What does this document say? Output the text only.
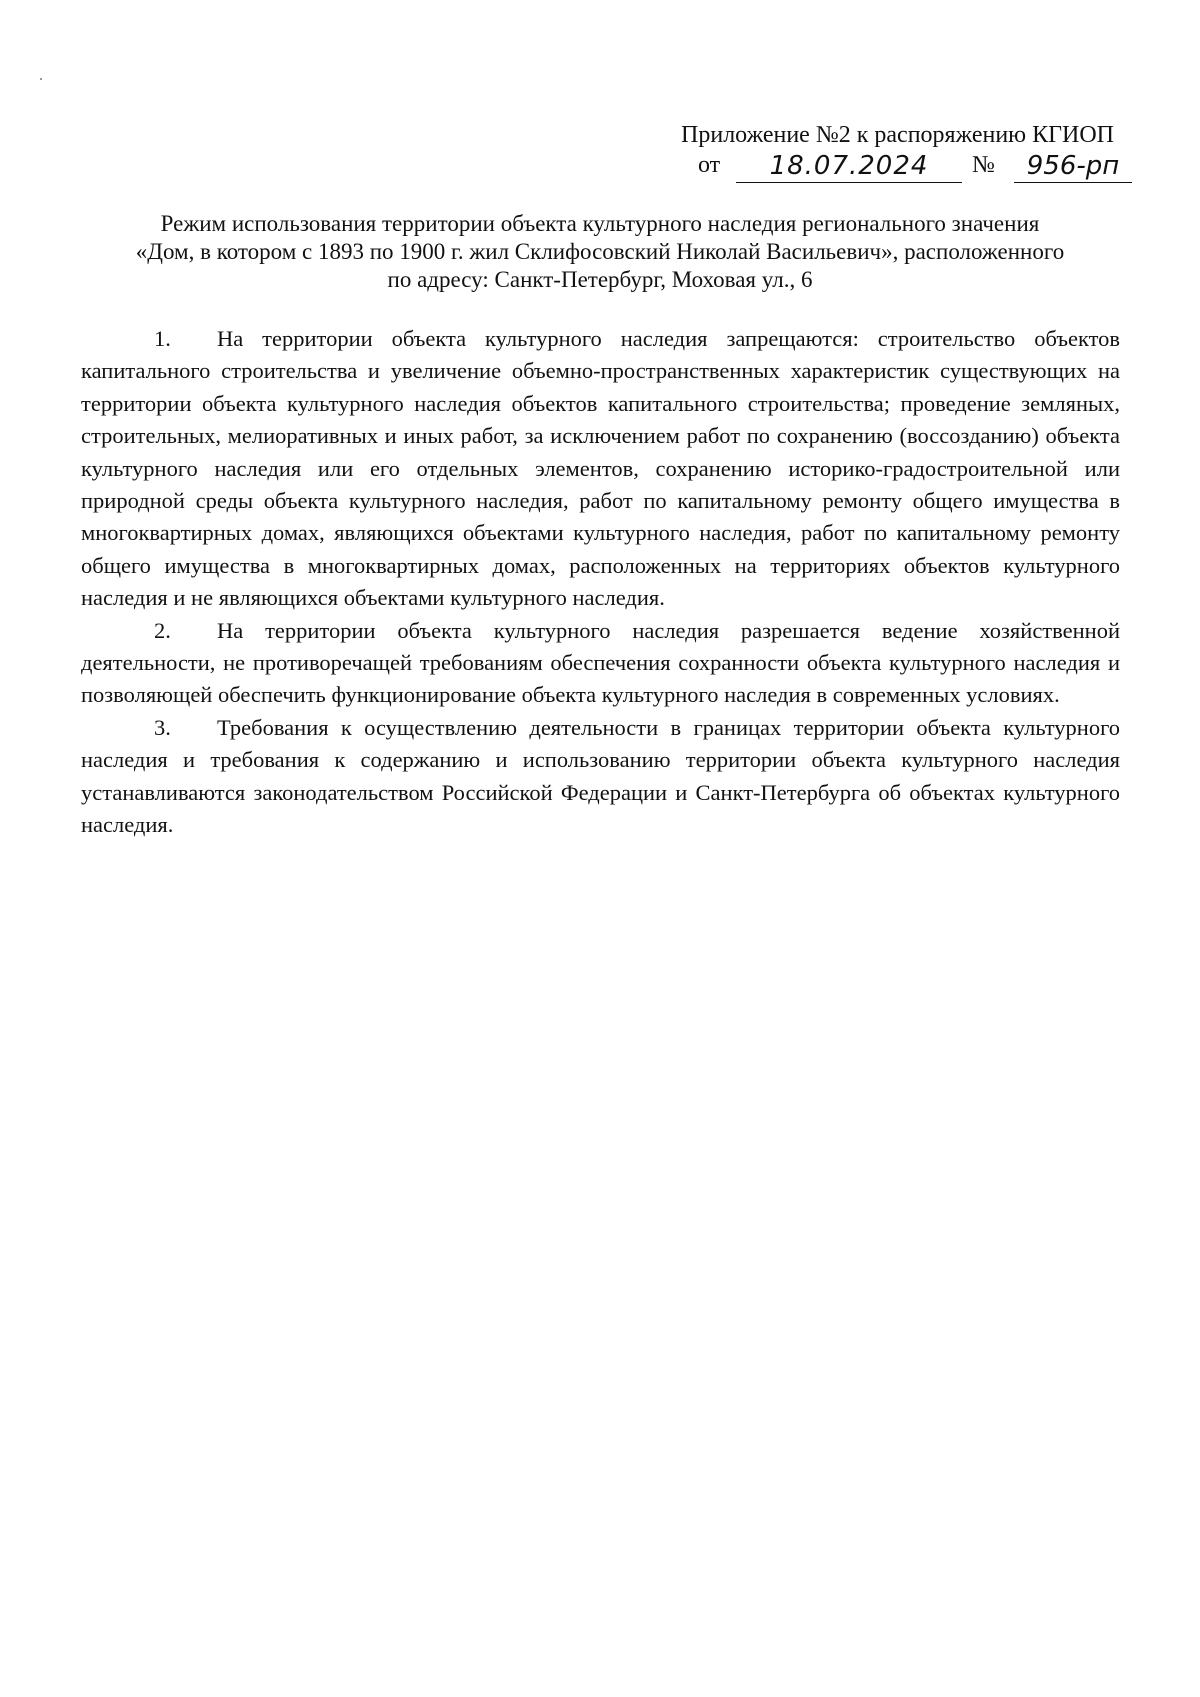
Приложение №2 к распоряжению КГИОП
от	18.07.2024	№	956-рп
Режим использования территории объекта культурного наследия регионального значения
«Дом, в котором с 1893 по 1900 г. жил Склифосовский Николай Васильевич», расположенного
по адресу: Санкт-Петербург, Моховая ул., 6

1. На территории объекта культурного наследия запрещаются: строительство объектов капитального строительства и увеличение объемно-пространственных характеристик существующих на территории объекта культурного наследия объектов капитального строительства; проведение земляных, строительных, мелиоративных и иных работ, за исключением работ по сохранению (воссозданию) объекта культурного наследия или его отдельных элементов, сохранению историко-градостроительной или природной среды объекта культурного наследия, работ по капитальному ремонту общего имущества в многоквартирных домах, являющихся объектами культурного наследия, работ по капитальному ремонту общего имущества в многоквартирных домах, расположенных на территориях объектов культурного наследия и не являющихся объектами культурного наследия.

2. На территории объекта культурного наследия разрешается ведение хозяйственной деятельности, не противоречащей требованиям обеспечения сохранности объекта культурного наследия и позволяющей обеспечить функционирование объекта культурного наследия в современных условиях.

3. Требования к осуществлению деятельности в границах территории объекта культурного наследия и требования к содержанию и использованию территории объекта культурного наследия устанавливаются законодательством Российской Федерации и Санкт-Петербурга об объектах культурного наследия.
